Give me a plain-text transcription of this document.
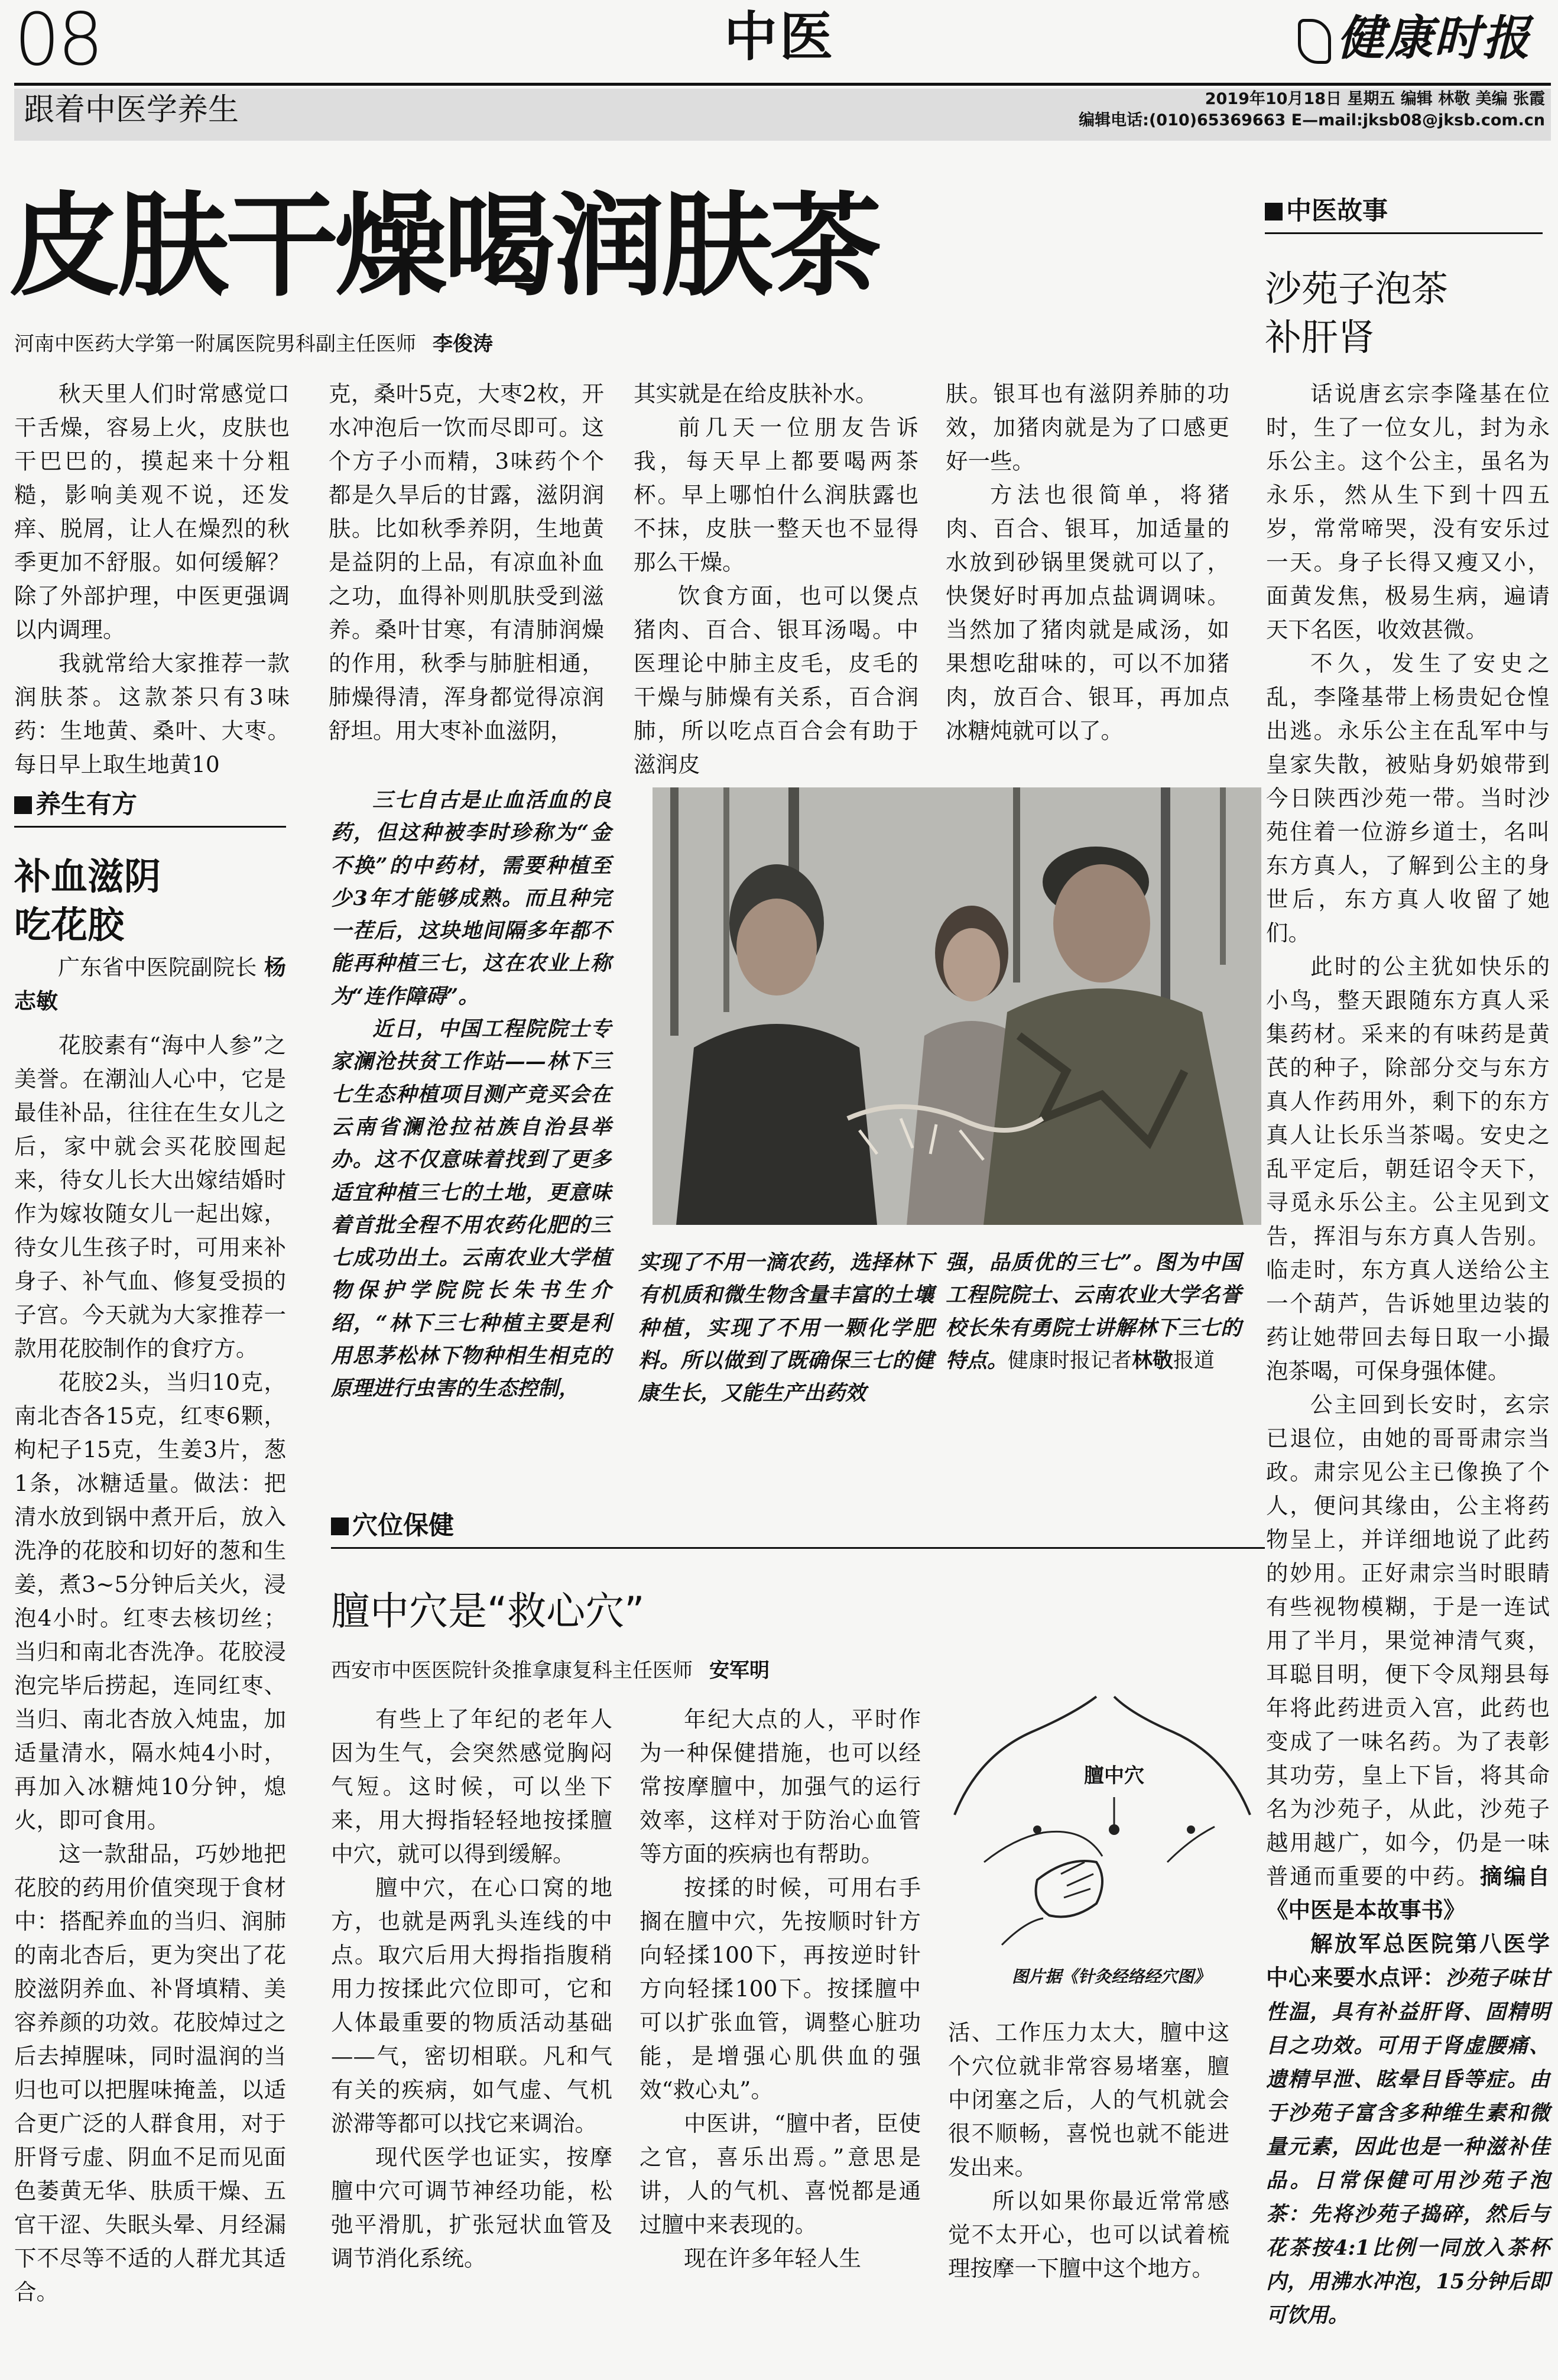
08	中医	健康时报
跟着中医学养生	2019年10月18日 星期五 编辑 林敬 美编 张霞
编辑电话:(010)65369663 E—mail:jksb08@jksb.com.cn
皮肤干燥喝润肤茶
河南中医药大学第一附属医院男科副主任医师 李俊涛

秋天里人们时常感觉口干舌燥，容易上火，皮肤也干巴巴的，摸起来十分粗糙，影响美观不说，还发痒、脱屑，让人在燥烈的秋季更加不舒服。如何缓解？除了外部护理，中医更强调以内调理。

我就常给大家推荐一款润肤茶。这款茶只有3味药：生地黄、桑叶、大枣。每日早上取生地黄10

克，桑叶5克，大枣2枚，开水冲泡后一饮而尽即可。这个方子小而精，3味药个个都是久旱后的甘露，滋阴润肤。比如秋季养阴，生地黄是益阴的上品，有凉血补血之功，血得补则肌肤受到滋养。桑叶甘寒，有清肺润燥的作用，秋季与肺脏相通，肺燥得清，浑身都觉得凉润舒坦。用大枣补血滋阴，

其实就是在给皮肤补水。

前几天一位朋友告诉我，每天早上都要喝两茶杯。早上哪怕什么润肤露也不抹，皮肤一整天也不显得那么干燥。

饮食方面，也可以煲点猪肉、百合、银耳汤喝。中医理论中肺主皮毛，皮毛的干燥与肺燥有关系，百合润肺，所以吃点百合会有助于滋润皮

肤。银耳也有滋阴养肺的功效，加猪肉就是为了口感更好一些。

方法也很简单，将猪肉、百合、银耳，加适量的水放到砂锅里煲就可以了，快煲好时再加点盐调调味。当然加了猪肉就是咸汤，如果想吃甜味的，可以不加猪肉，放百合、银耳，再加点冰糖炖就可以了。

养生有方
补血滋阴
吃花胶

广东省中医院副院长 杨志敏

花胶素有“海中人参”之美誉。在潮汕人心中，它是最佳补品，往往在生女儿之后，家中就会买花胶囤起来，待女儿长大出嫁结婚时作为嫁妆随女儿一起出嫁，待女儿生孩子时，可用来补身子、补气血、修复受损的子宫。今天就为大家推荐一款用花胶制作的食疗方。

花胶2头，当归10克，南北杏各15克，红枣6颗，枸杞子15克，生姜3片，葱1条，冰糖适量。做法：把清水放到锅中煮开后，放入洗净的花胶和切好的葱和生姜，煮3~5分钟后关火，浸泡4小时。红枣去核切丝；当归和南北杏洗净。花胶浸泡完毕后捞起，连同红枣、当归、南北杏放入炖盅，加适量清水，隔水炖4小时，再加入冰糖炖10分钟，熄火，即可食用。

这一款甜品，巧妙地把花胶的药用价值突现于食材中：搭配养血的当归、润肺的南北杏后，更为突出了花胶滋阴养血、补肾填精、美容养颜的功效。花胶焯过之后去掉腥味，同时温润的当归也可以把腥味掩盖，以适合更广泛的人群食用，对于肝肾亏虚、阴血不足而见面色萎黄无华、肤质干燥、五官干涩、失眠头晕、月经漏下不尽等不适的人群尤其适合。

三七自古是止血活血的良药，但这种被李时珍称为“金不换”的中药材，需要种植至少3年才能够成熟。而且种完一茬后，这块地间隔多年都不能再种植三七，这在农业上称为“连作障碍”。

近日，中国工程院院士专家澜沧扶贫工作站——林下三七生态种植项目测产竞买会在云南省澜沧拉祜族自治县举办。这不仅意味着找到了更多适宜种植三七的土地，更意味着首批全程不用农药化肥的三七成功出土。云南农业大学植物保护学院院长朱书生介绍，“林下三七种植主要是利用思茅松林下物种相生相克的原理进行虫害的生态控制，

实现了不用一滴农药，选择林下有机质和微生物含量丰富的土壤种植，实现了不用一颗化学肥料。所以做到了既确保三七的健康生长，又能生产出药效

强，品质优的三七”。图为中国工程院院士、云南农业大学名誉校长朱有勇院士讲解林下三七的特点。健康时报记者林敬报道

穴位保健
膻中穴是“救心穴”
西安市中医医院针灸推拿康复科主任医师 安军明

有些上了年纪的老年人因为生气，会突然感觉胸闷气短。这时候，可以坐下来，用大拇指轻轻地按揉膻中穴，就可以得到缓解。

膻中穴，在心口窝的地方，也就是两乳头连线的中点。取穴后用大拇指指腹稍用力按揉此穴位即可，它和人体最重要的物质活动基础——气，密切相联。凡和气有关的疾病，如气虚、气机淤滞等都可以找它来调治。

现代医学也证实，按摩膻中穴可调节神经功能，松弛平滑肌，扩张冠状血管及调节消化系统。

年纪大点的人，平时作为一种保健措施，也可以经常按摩膻中，加强气的运行效率，这样对于防治心血管等方面的疾病也有帮助。

按揉的时候，可用右手搁在膻中穴，先按顺时针方向轻揉100下，再按逆时针方向轻揉100下。按揉膻中可以扩张血管，调整心脏功能，是增强心肌供血的强效“救心丸”。

中医讲，“膻中者，臣使之官，喜乐出焉。”意思是讲，人的气机、喜悦都是通过膻中来表现的。

现在许多年轻人生

膻中穴
图片据《针灸经络经穴图》

活、工作压力太大，膻中这个穴位就非常容易堵塞，膻中闭塞之后，人的气机就会很不顺畅，喜悦也就不能进发出来。

所以如果你最近常常感觉不太开心，也可以试着梳理按摩一下膻中这个地方。

中医故事
沙苑子泡茶
补肝肾

话说唐玄宗李隆基在位时，生了一位女儿，封为永乐公主。这个公主，虽名为永乐，然从生下到十四五岁，常常啼哭，没有安乐过一天。身子长得又瘦又小，面黄发焦，极易生病，遍请天下名医，收效甚微。

不久，发生了安史之乱，李隆基带上杨贵妃仓惶出逃。永乐公主在乱军中与皇家失散，被贴身奶娘带到今日陕西沙苑一带。当时沙苑住着一位游乡道士，名叫东方真人，了解到公主的身世后，东方真人收留了她们。

此时的公主犹如快乐的小鸟，整天跟随东方真人采集药材。采来的有味药是黄芪的种子，除部分交与东方真人作药用外，剩下的东方真人让长乐当茶喝。安史之乱平定后，朝廷诏令天下，寻觅永乐公主。公主见到文告，挥泪与东方真人告别。临走时，东方真人送给公主一个葫芦，告诉她里边装的药让她带回去每日取一小撮泡茶喝，可保身强体健。

公主回到长安时，玄宗已退位，由她的哥哥肃宗当政。肃宗见公主已像换了个人，便问其缘由，公主将药物呈上，并详细地说了此药的妙用。正好肃宗当时眼睛有些视物模糊，于是一连试用了半月，果觉神清气爽，耳聪目明，便下令凤翔县每年将此药进贡入宫，此药也变成了一味名药。为了表彰其功劳，皇上下旨，将其命名为沙苑子，从此，沙苑子越用越广，如今，仍是一味普通而重要的中药。摘编自《中医是本故事书》

解放军总医院第八医学中心来要水点评：沙苑子味甘性温，具有补益肝肾、固精明目之功效。可用于肾虚腰痛、遗精早泄、眩晕目昏等症。由于沙苑子富含多种维生素和微量元素，因此也是一种滋补佳品。日常保健可用沙苑子泡茶：先将沙苑子捣碎，然后与花茶按4:1比例一同放入茶杯内，用沸水冲泡，15分钟后即可饮用。
